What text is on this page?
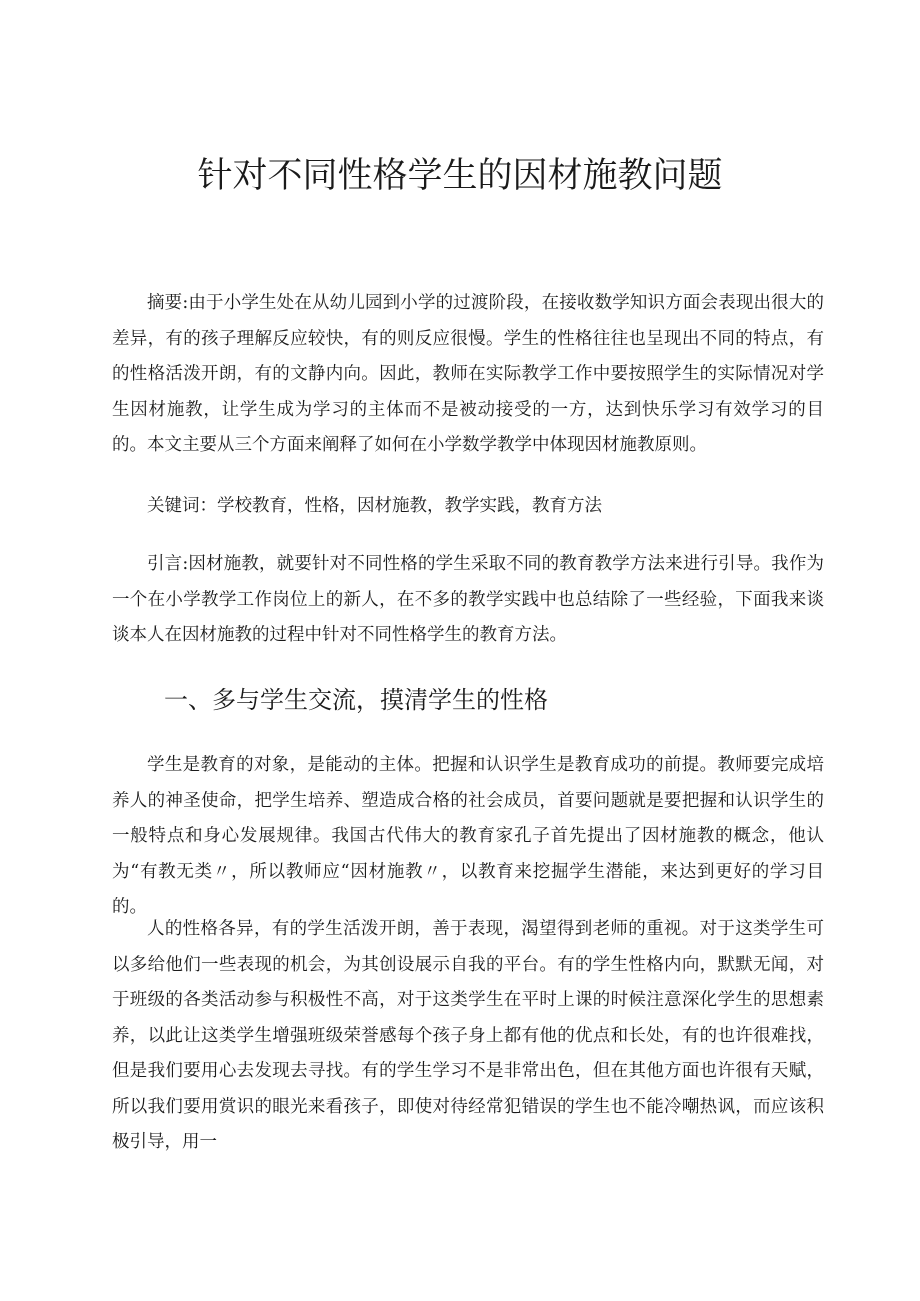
针对不同性格学生的因材施教问题

摘要:由于小学生处在从幼儿园到小学的过渡阶段，在接收数学知识方面会表现出很大的差异，有的孩子理解反应较快，有的则反应很慢。学生的性格往往也呈现出不同的特点，有的性格活泼开朗，有的文静内向。因此，教师在实际教学工作中要按照学生的实际情况对学生因材施教，让学生成为学习的主体而不是被动接受的一方，达到快乐学习有效学习的目的。本文主要从三个方面来阐释了如何在小学数学教学中体现因材施教原则。

关键词：学校教育，性格，因材施教，教学实践，教育方法

引言:因材施教，就要针对不同性格的学生采取不同的教育教学方法来进行引导。我作为一个在小学教学工作岗位上的新人，在不多的教学实践中也总结除了一些经验，下面我来谈谈本人在因材施教的过程中针对不同性格学生的教育方法。

一、多与学生交流，摸清学生的性格

学生是教育的对象，是能动的主体。把握和认识学生是教育成功的前提。教师要完成培养人的神圣使命，把学生培养、塑造成合格的社会成员，首要问题就是要把握和认识学生的一般特点和身心发展规律。我国古代伟大的教育家孔子首先提出了因材施教的概念，他认为“有教无类〃，所以教师应“因材施教〃，以教育来挖掘学生潜能，来达到更好的学习目的。

人的性格各异，有的学生活泼开朗，善于表现，渴望得到老师的重视。对于这类学生可以多给他们一些表现的机会，为其创设展示自我的平台。有的学生性格内向，默默无闻，对于班级的各类活动参与积极性不高，对于这类学生在平时上课的时候注意深化学生的思想素养，以此让这类学生增强班级荣誉感每个孩子身上都有他的优点和长处，有的也许很难找，但是我们要用心去发现去寻找。有的学生学习不是非常出色，但在其他方面也许很有天赋，所以我们要用赏识的眼光来看孩子，即使对待经常犯错误的学生也不能冷嘲热讽，而应该积极引导，用一
